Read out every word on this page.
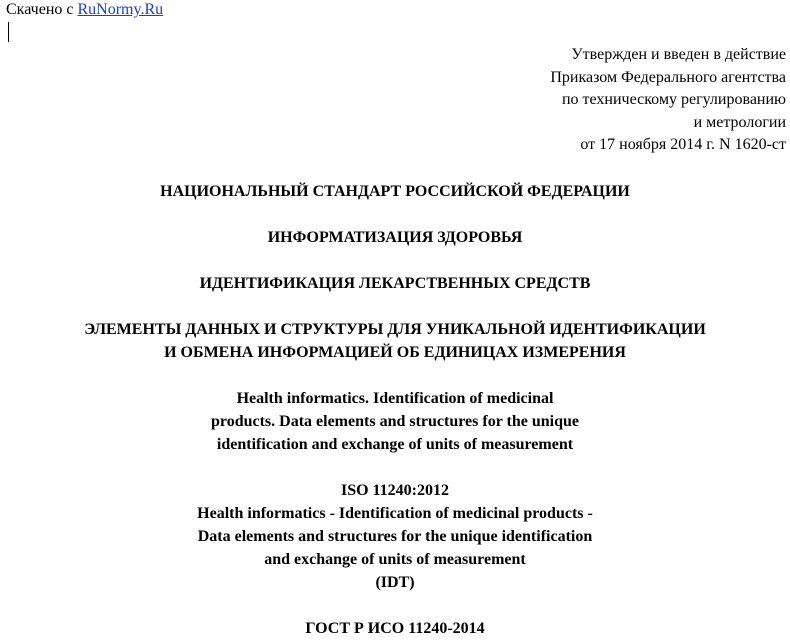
Скачено с RuNormy.Ru
Утвержден и введен в действие
Приказом Федерального агентства
по техническому регулированию
и метрологии
от 17 ноября 2014 г. N 1620-ст
НАЦИОНАЛЬНЫЙ СТАНДАРТ РОССИЙСКОЙ ФЕДЕРАЦИИ
ИНФОРМАТИЗАЦИЯ ЗДОРОВЬЯ
ИДЕНТИФИКАЦИЯ ЛЕКАРСТВЕННЫХ СРЕДСТВ
ЭЛЕМЕНТЫ ДАННЫХ И СТРУКТУРЫ ДЛЯ УНИКАЛЬНОЙ ИДЕНТИФИКАЦИИ
И ОБМЕНА ИНФОРМАЦИЕЙ ОБ ЕДИНИЦАХ ИЗМЕРЕНИЯ
Health informatics. Identification of medicinal
products. Data elements and structures for the unique
identification and exchange of units of measurement
ISO 11240:2012
Health informatics - Identification of medicinal products -
Data elements and structures for the unique identification
and exchange of units of measurement
(IDT)
ГОСТ Р ИСО 11240-2014
